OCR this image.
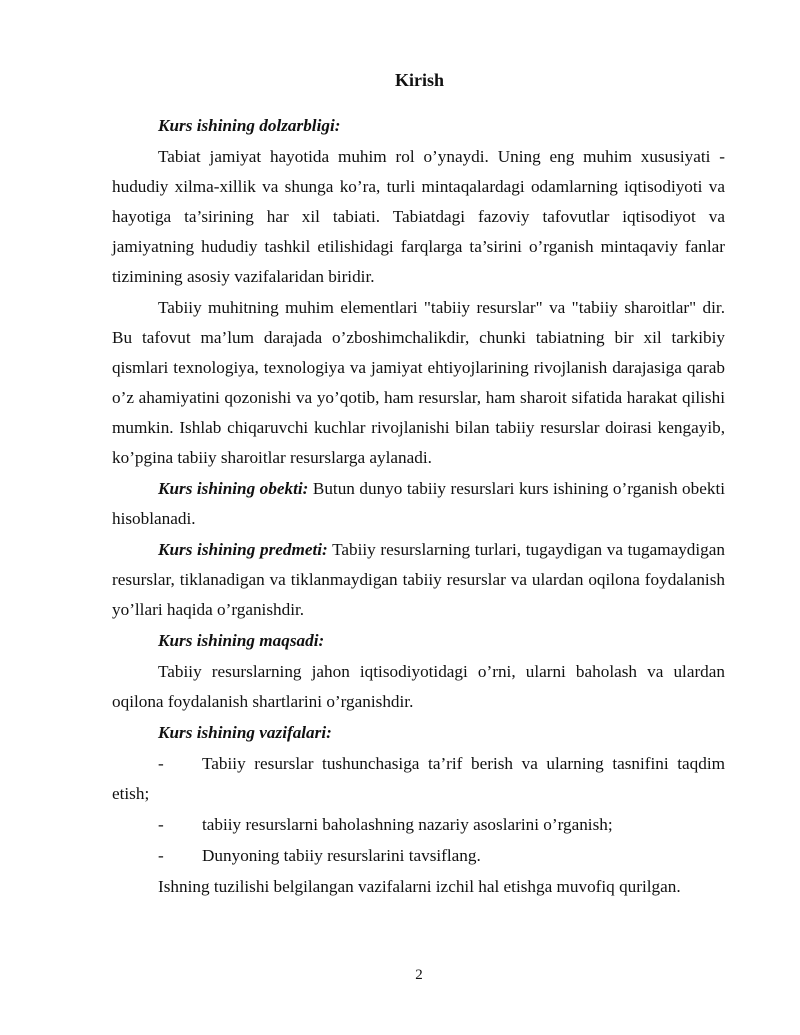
Kirish
Kurs ishining dolzarbligi:

Tabiat jamiyat hayotida muhim rol o’ynaydi. Uning eng muhim xususiyati - hududiy xilma-xillik va shunga ko’ra, turli mintaqalardagi odamlarning iqtisodiyoti va hayotiga ta’sirining har xil tabiati. Tabiatdagi fazoviy tafovutlar iqtisodiyot va jamiyatning hududiy tashkil etilishidagi farqlarga ta’sirini o’rganish mintaqaviy fanlar tizimining asosiy vazifalaridan biridir.

Tabiiy muhitning muhim elementlari "tabiiy resurslar" va "tabiiy sharoitlar" dir. Bu tafovut ma’lum darajada o’zboshimchalikdir, chunki tabiatning bir xil tarkibiy qismlari texnologiya, texnologiya va jamiyat ehtiyojlarining rivojlanish darajasiga qarab o’z ahamiyatini qozonishi va yo’qotib, ham resurslar, ham sharoit sifatida harakat qilishi mumkin. Ishlab chiqaruvchi kuchlar rivojlanishi bilan tabiiy resurslar doirasi kengayib, ko’pgina tabiiy sharoitlar resurslarga aylanadi.

Kurs ishining obekti: Butun dunyo tabiiy resurslari kurs ishining o’rganish obekti hisoblanadi.

Kurs ishining predmeti: Tabiiy resurslarning turlari, tugaydigan va tugamaydigan resurslar, tiklanadigan va tiklanmaydigan tabiiy resurslar va ulardan oqilona foydalanish yo’llari haqida o’rganishdir.

Kurs ishining maqsadi:

Tabiiy resurslarning jahon iqtisodiyotidagi o’rni, ularni baholash va ulardan oqilona foydalanish shartlarini o’rganishdir.

Kurs ishining vazifalari:

- Tabiiy resurslar tushunchasiga ta’rif berish va ularning tasnifini taqdim etish;

- tabiiy resurslarni baholashning nazariy asoslarini o’rganish;

- Dunyoning tabiiy resurslarini tavsiflang.

Ishning tuzilishi belgilangan vazifalarni izchil hal etishga muvofiq qurilgan.

2
